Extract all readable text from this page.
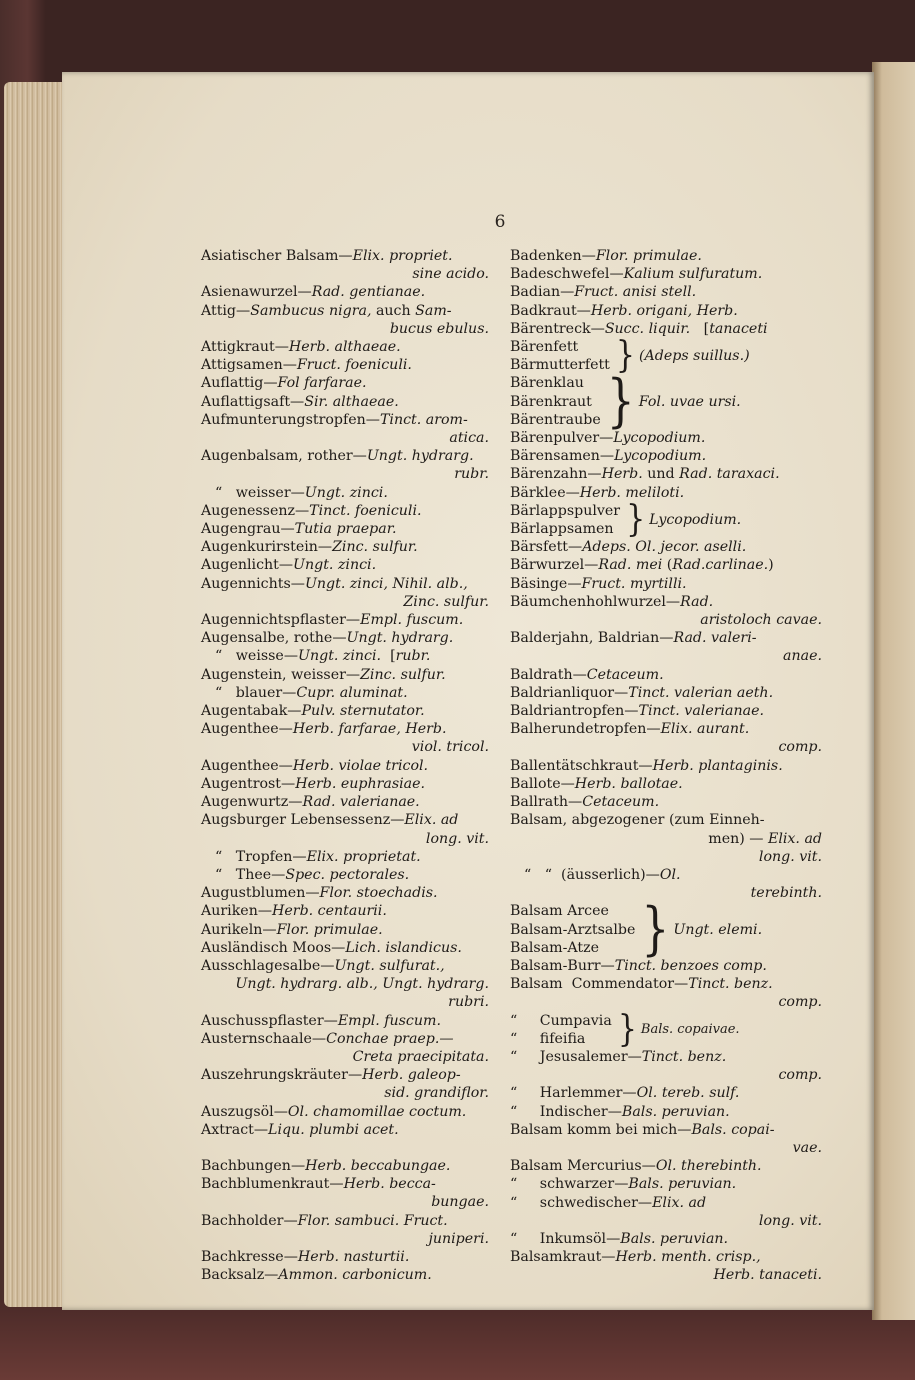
6
Asiatischer Balsam—Elix. propriet.
sine acido.
Asienawurzel—Rad. gentianae.
Attig—Sambucus nigra, auch Sam-
bucus ebulus.
Attigkraut—Herb. althaeae.
Attigsamen—Fruct. foeniculi.
Auflattig—Fol farfarae.
Auflattigsaft—Sir. althaeae.
Aufmunterungstropfen—Tinct. arom-
atica.
Augenbalsam, rother—Ungt. hydrarg.
rubr.
“   weisser—Ungt. zinci.
Augenessenz—Tinct. foeniculi.
Augengrau—Tutia praepar.
Augenkurirstein—Zinc. sulfur.
Augenlicht—Ungt. zinci.
Augennichts—Ungt. zinci, Nihil. alb.,
Zinc. sulfur.
Augennichtspflaster—Empl. fuscum.
Augensalbe, rothe—Ungt. hydrarg.
“   weisse—Ungt. zinci.  [rubr.
Augenstein, weisser—Zinc. sulfur.
“   blauer—Cupr. aluminat.
Augentabak—Pulv. sternutator.
Augenthee—Herb. farfarae, Herb.
viol. tricol.
Augenthee—Herb. violae tricol.
Augentrost—Herb. euphrasiae.
Augenwurtz—Rad. valerianae.
Augsburger Lebensessenz—Elix. ad
long. vit.
“   Tropfen—Elix. proprietat.
“   Thee—Spec. pectorales.
Augustblumen—Flor. stoechadis.
Auriken—Herb. centaurii.
Aurikeln—Flor. primulae.
Ausländisch Moos—Lich. islandicus.
Ausschlagesalbe—Ungt. sulfurat.,
Ungt. hydrarg. alb., Ungt. hydrarg.
rubri.
Auschusspflaster—Empl. fuscum.
Austernschaale—Conchae praep.—
Creta praecipitata.
Auszehrungskräuter—Herb. galeop-
sid. grandiflor.
Auszugsöl—Ol. chamomillae coctum.
Axtract—Liqu. plumbi acet.
Bachbungen—Herb. beccabungae.
Bachblumenkraut—Herb. becca-
bungae.
Bachholder—Flor. sambuci. Fruct.
juniperi.
Bachkresse—Herb. nasturtii.
Backsalz—Ammon. carbonicum.
Badenken—Flor. primulae.
Badeschwefel—Kalium sulfuratum.
Badian—Fruct. anisi stell.
Badkraut—Herb. origani, Herb.
Bärentreck—Succ. liquir.   [tanaceti
Bärenfett
Bärmutterfett } (Adeps suillus.)
Bärenklau
Bärenkraut
Bärentraube } Fol. uvae ursi.
Bärenpulver—Lycopodium.
Bärensamen—Lycopodium.
Bärenzahn—Herb. und Rad. taraxaci.
Bärklee—Herb. meliloti.
Bärlappspulver
Bärlappsamen } Lycopodium.
Bärsfett—Adeps. Ol. jecor. aselli.
Bärwurzel—Rad. mei (Rad.carlinae.)
Bäsinge—Fruct. myrtilli.
Bäumchenhohlwurzel—Rad.
aristoloch cavae.
Balderjahn, Baldrian—Rad. valeri-
anae.
Baldrath—Cetaceum.
Baldrianliquor—Tinct. valerian aeth.
Baldriantropfen—Tinct. valerianae.
Balherundetropfen—Elix. aurant.
comp.
Ballentätschkraut—Herb. plantaginis.
Ballote—Herb. ballotae.
Ballrath—Cetaceum.
Balsam, abgezogener (zum Einneh-
men) — Elix. ad
long. vit.
“   “  (äusserlich)—Ol.
terebinth.
Balsam Arcee
Balsam-Arztsalbe
Balsam-Atze } Ungt. elemi.
Balsam-Burr—Tinct. benzoes comp.
Balsam  Commendator—Tinct. benz.
comp.
“     Cumpavia
“     fifeifia	} Bals. copaivae.
“     Jesusalemer—Tinct. benz.
comp.
“     Harlemmer—Ol. tereb. sulf.
“     Indischer—Bals. peruvian.
Balsam komm bei mich—Bals. copai-
vae.
Balsam Mercurius—Ol. therebinth.
“     schwarzer—Bals. peruvian.
“     schwedischer—Elix. ad
long. vit.
“     Inkumsöl—Bals. peruvian.
Balsamkraut—Herb. menth. crisp.,
Herb. tanaceti.
